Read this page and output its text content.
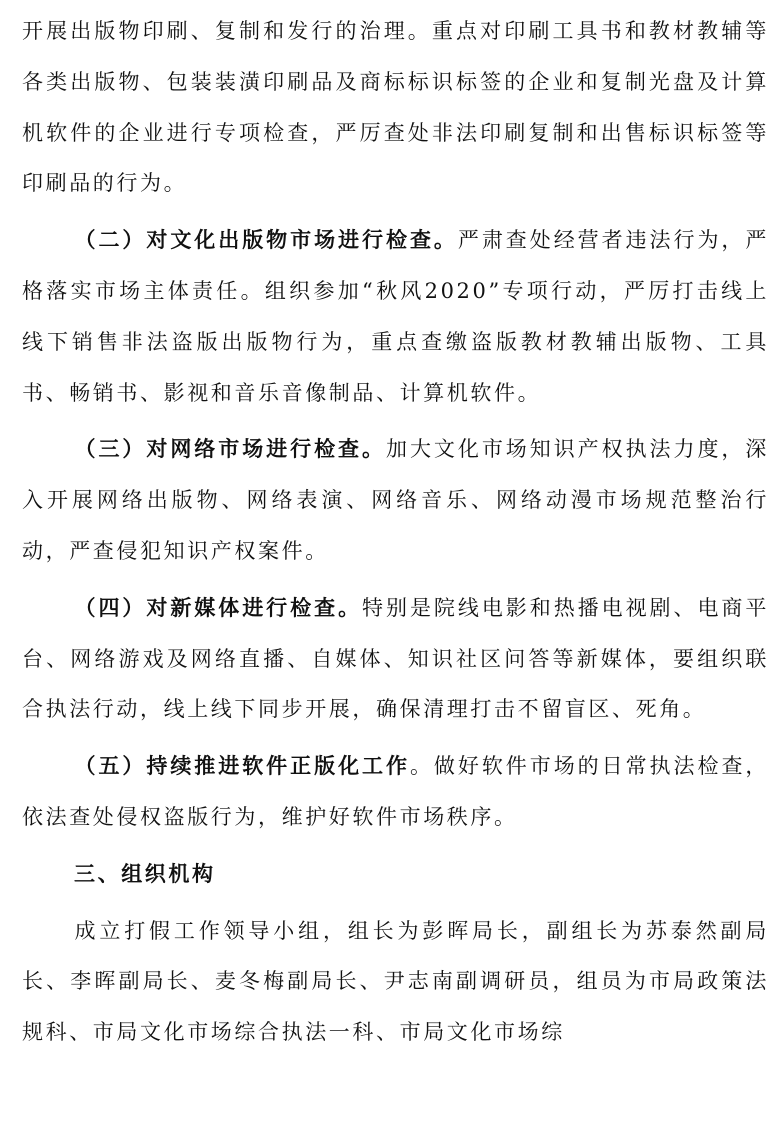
开展出版物印刷、复制和发行的治理。重点对印刷工具书和教材教辅等各类出版物、包装装潢印刷品及商标标识标签的企业和复制光盘及计算机软件的企业进行专项检查，严厉查处非法印刷复制和出售标识标签等印刷品的行为。

（二）对文化出版物市场进行检查。严肃查处经营者违法行为，严格落实市场主体责任。组织参加“秋风2020”专项行动，严厉打击线上线下销售非法盗版出版物行为，重点查缴盗版教材教辅出版物、工具书、畅销书、影视和音乐音像制品、计算机软件。

（三）对网络市场进行检查。加大文化市场知识产权执法力度，深入开展网络出版物、网络表演、网络音乐、网络动漫市场规范整治行动，严查侵犯知识产权案件。

（四）对新媒体进行检查。特别是院线电影和热播电视剧、电商平台、网络游戏及网络直播、自媒体、知识社区问答等新媒体，要组织联合执法行动，线上线下同步开展，确保清理打击不留盲区、死角。

（五）持续推进软件正版化工作。做好软件市场的日常执法检查，依法查处侵权盗版行为，维护好软件市场秩序。

三、组织机构

成立打假工作领导小组，组长为彭晖局长，副组长为苏泰然副局长、李晖副局长、麦冬梅副局长、尹志南副调研员，组员为市局政策法规科、市局文化市场综合执法一科、市局文化市场综
